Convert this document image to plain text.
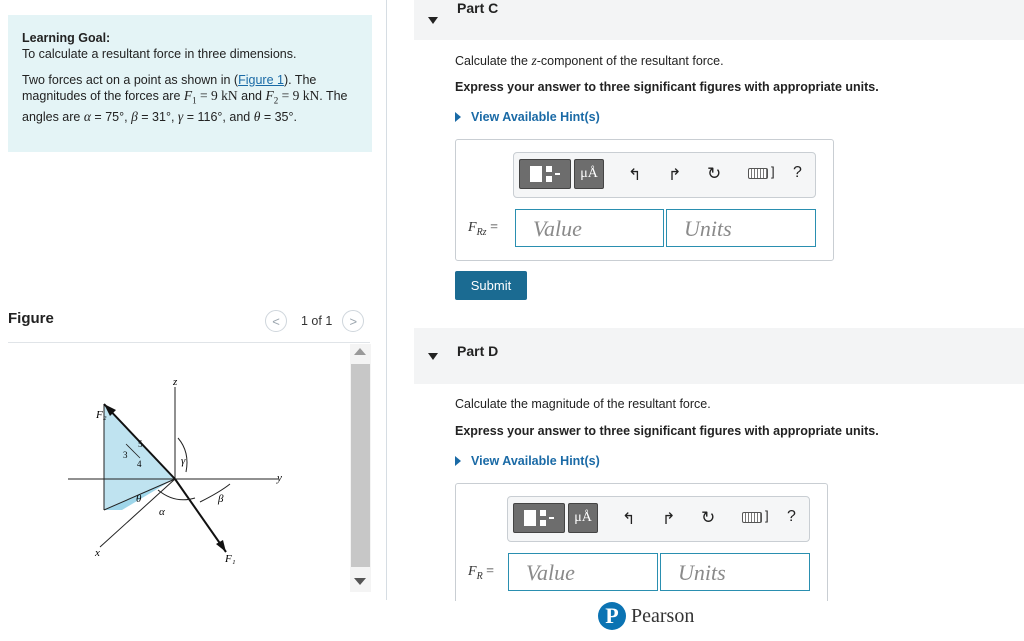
Learning Goal:
To calculate a resultant force in three dimensions.
Two forces act on a point as shown in (Figure 1). The magnitudes of the forces are $F_1 = 9$ kN and $F_2 = 9$ kN. The angles are α = 75°, β = 31°, γ = 116°, and θ = 35°.
Figure	< 1 of 1 >
z
y
x
F₂
F₁
γ
β
θ
α
5
3
4
Part C
Calculate the z-component of the resultant force.
Express your answer to three significant figures with appropriate units.
View Available Hint(s)
μÅ ↰ ↱ ↻	] ?
$F_{Rz}$ =	Value	Units
Submit
Part D
Calculate the magnitude of the resultant force.
Express your answer to three significant figures with appropriate units.
View Available Hint(s)
μÅ ↰ ↱ ↻	] ?
$F_R$ =	Value	Units
P Pearson
